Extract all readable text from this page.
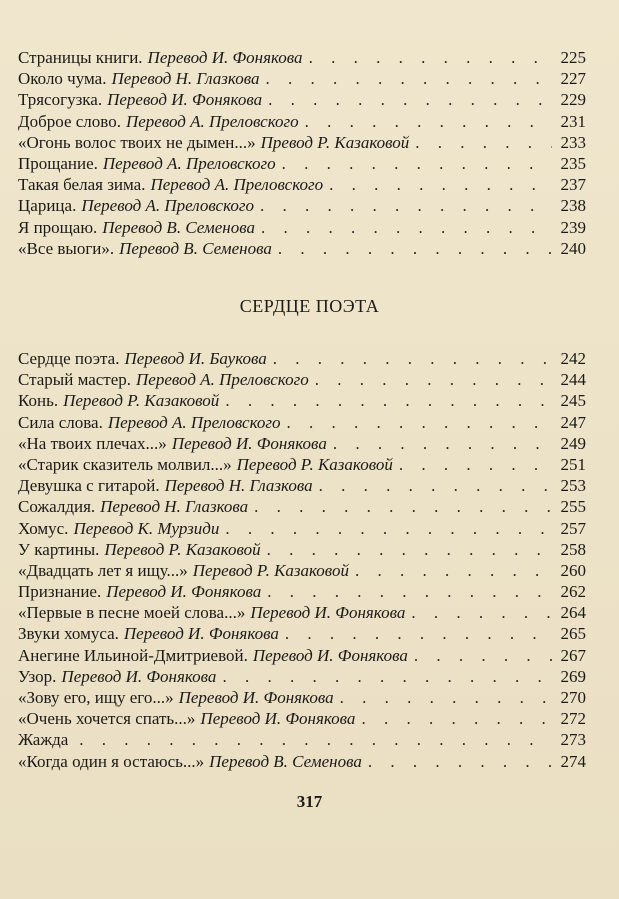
Страницы книги. Перевод И. Фонякова . . .	225
Около чума. Перевод Н. Глазкова . . .	227
Трясогузка. Перевод И. Фонякова . . .	229
Доброе слово. Перевод А. Преловского . . .	231
«Огонь волос твоих не дымен...» Превод Р. Казаковой . . .	233
Прощание. Перевод А. Преловского . . .	235
Такая белая зима. Перевод А. Преловского . . .	237
Царица. Перевод А. Преловского . . .	238
Я прощаю. Перевод В. Семенова . . .	239
«Все выоги». Перевод В. Семенова . . .	240
СЕРДЦЕ ПОЭТА
Сердце поэта. Перевод И. Баукова . . .	242
Старый мастер. Перевод А. Преловского . . .	244
Конь. Перевод Р. Казаковой . . .	245
Сила слова. Перевод А. Преловского . . .	247
«На твоих плечах...» Перевод И. Фонякова . . .	249
«Старик сказитель молвил...» Перевод Р. Казаковой . . .	251
Девушка с гитарой. Перевод Н. Глазкова . . .	253
Сожалдия. Перевод Н. Глазкова . . .	255
Хомус. Перевод К. Мурзиди . . .	257
У картины. Перевод Р. Казаковой . . .	258
«Двадцать лет я ищу...» Перевод Р. Казаковой . . .	260
Признание. Перевод И. Фонякова . . .	262
«Первые в песне моей слова...» Перевод И. Фонякова . . .	264
Звуки хомуса. Перевод И. Фонякова . . .	265
Анегине Ильиной-Дмитриевой. Перевод И. Фонякова . . .	267
Узор. Перевод И. Фонякова . . .	269
«Зову его, ищу его...» Перевод И. Фонякова . . .	270
«Очень хочется спать...» Перевод И. Фонякова . . .	272
Жажда . . .	273
«Когда один я остаюсь...» Перевод В. Семенова . . .	274
317
